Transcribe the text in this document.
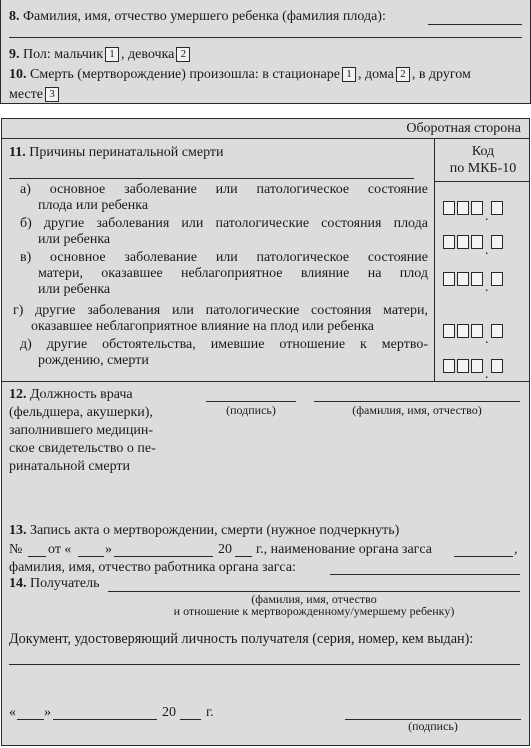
8. Фамилия, имя, отчество умершего ребенка (фамилия плода):
9. Пол: мальчик 1 , девочка 2
10. Смерть (мертворождение) произошла: в стационаре 1 , дома 2 , в другом
месте 3
Оборотная сторона
11. Причины перинатальной смерти	Код
по МКБ-10
а) основное заболевание или патологическое состояние
плода или ребенка
б) другие заболевания или патологические состояния плода
или ребенка
в) основное заболевание или патологическое состояние
матери, оказавшее неблагоприятное влияние на плод
или ребенка
г) другие заболевания или патологические состояния матери,
оказавшее неблагоприятное влияние на плод или ребенка
д) другие обстоятельства, имевшие отношение к мертво-
рождению, смерти
12. Должность врача
(фельдшера, акушерки),
заполнившего медицин-
ское свидетельство о пе-
ринатальной смерти
(подпись)	(фамилия, имя, отчество)
13. Запись акта о мертворождении, смерти (нужное подчеркнуть)
№ от « »	20 г., наименование органа загса	,
фамилия, имя, отчество работника органа загса:
14. Получатель
(фамилия, имя, отчество
и отношение к мертворожденному/умершему ребенку)
Документ, удостоверяющий личность получателя (серия, номер, кем выдан):
« »	20 г.
(подпись)
